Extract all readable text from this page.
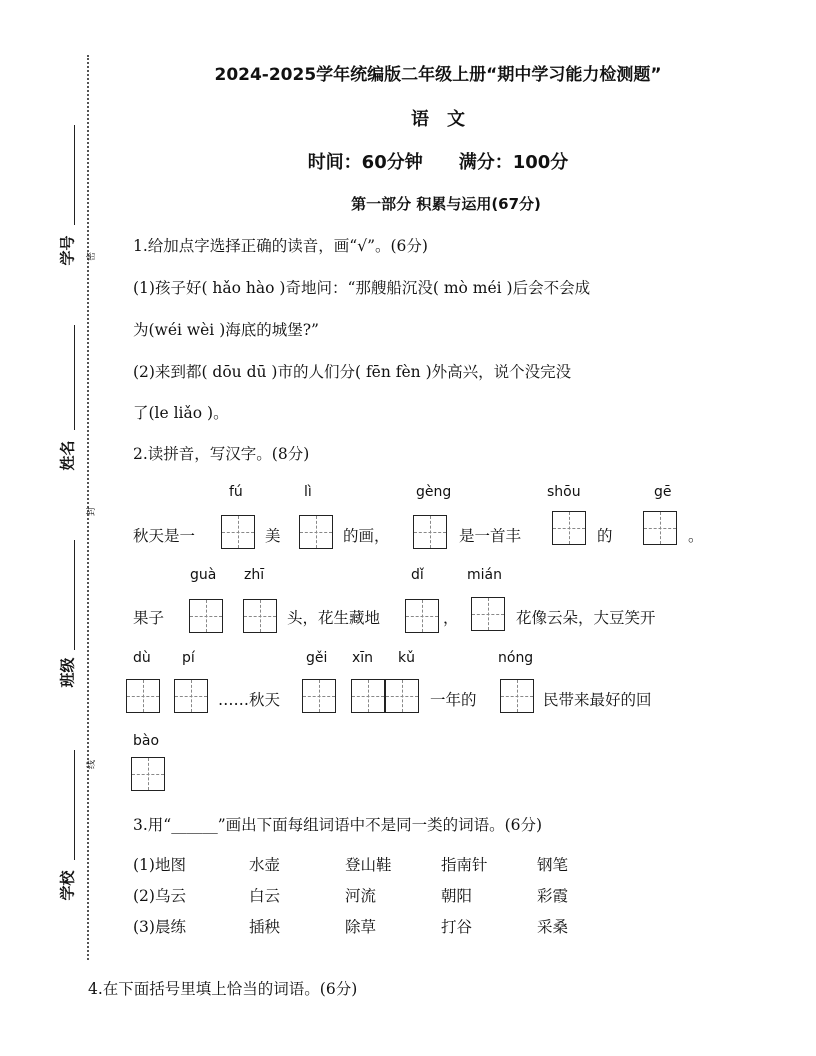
学号	密
姓名
封
班级
线
学校
2024-2025学年统编版二年级上册“期中学习能力检测题”
语　文
时间：60分钟　　满分：100分
第一部分 积累与运用(67分)
1.给加点字选择正确的读音，画“√”。(6分)
(1)孩子好( hǎo hào )奇地问：“那艘船沉没( mò méi )后会不会成
为(wéi wèi )海底的城堡?”
(2)来到都( dōu dū )市的人们分( fēn fèn )外高兴，说个没完没
了(le liǎo )。
2.读拼音，写汉字。(8分)
fú	lì	gèng	shōu	gē
秋天是一	美	的画，	是一首丰	的	。
guà zhī	dǐ	mián
果子	头，花生藏地	，	花像云朵，大豆笑开
dù pí	gěi xīn kǔ	nóng
……秋天	一年的	民带来最好的回
bào
3.用“______”画出下面每组词语中不是同一类的词语。(6分)
(1)地图	水壶	登山鞋	指南针	钢笔
(2)乌云	白云	河流	朝阳	彩霞
(3)晨练	插秧	除草	打谷	采桑
4.在下面括号里填上恰当的词语。(6分)
